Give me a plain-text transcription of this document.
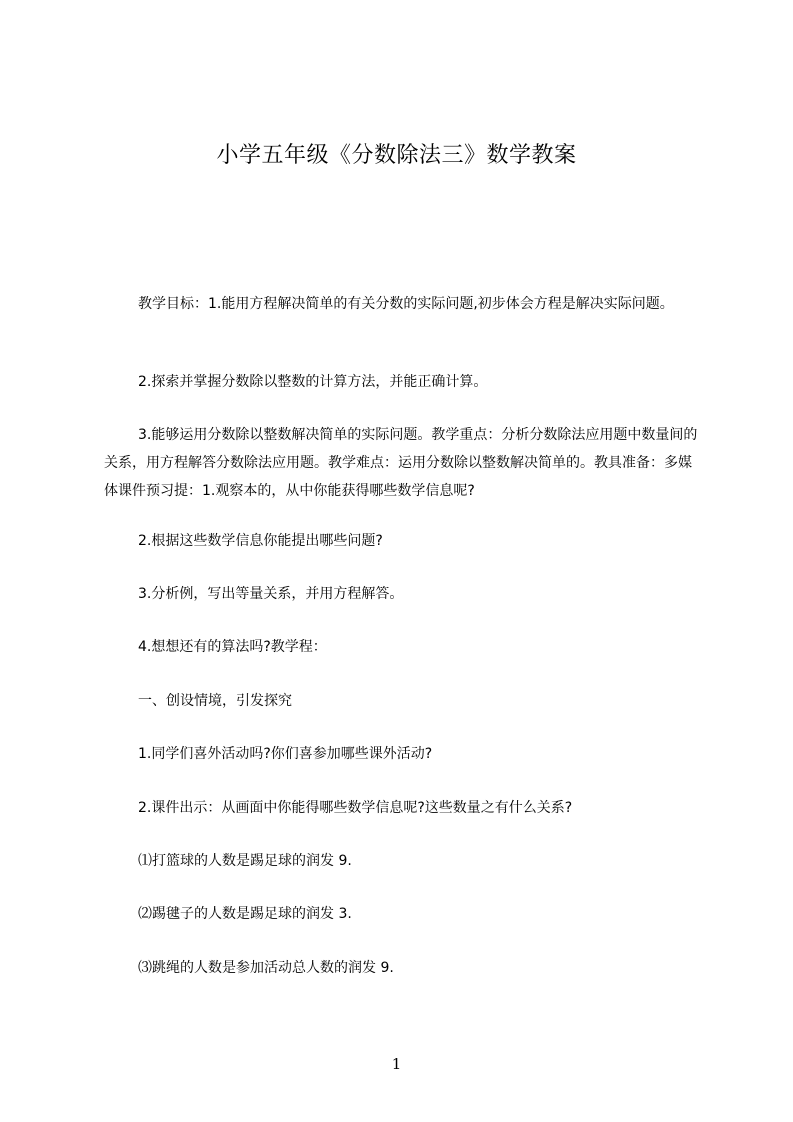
小学五年级《分数除法三》数学教案
教学目标：1.能用方程解决简单的有关分数的实际问题,初步体会方程是解决实际问题。
2.探索并掌握分数除以整数的计算方法，并能正确计算。
3.能够运用分数除以整数解决简单的实际问题。教学重点：分析分数除法应用题中数量间的关系，用方程解答分数除法应用题。教学难点：运用分数除以整数解决简单的。教具准备：多媒体课件预习提：1.观察本的，从中你能获得哪些数学信息呢?
2.根据这些数学信息你能提出哪些问题?
3.分析例，写出等量关系，并用方程解答。
4.想想还有的算法吗?教学程：
一、创设情境，引发探究
1.同学们喜外活动吗?你们喜参加哪些课外活动?
2.课件出示：从画面中你能得哪些数学信息呢?这些数量之有什么关系?
⑴打篮球的人数是踢足球的润发 9.
⑵踢毽子的人数是踢足球的润发 3.
⑶跳绳的人数是参加活动总人数的润发 9.
1
